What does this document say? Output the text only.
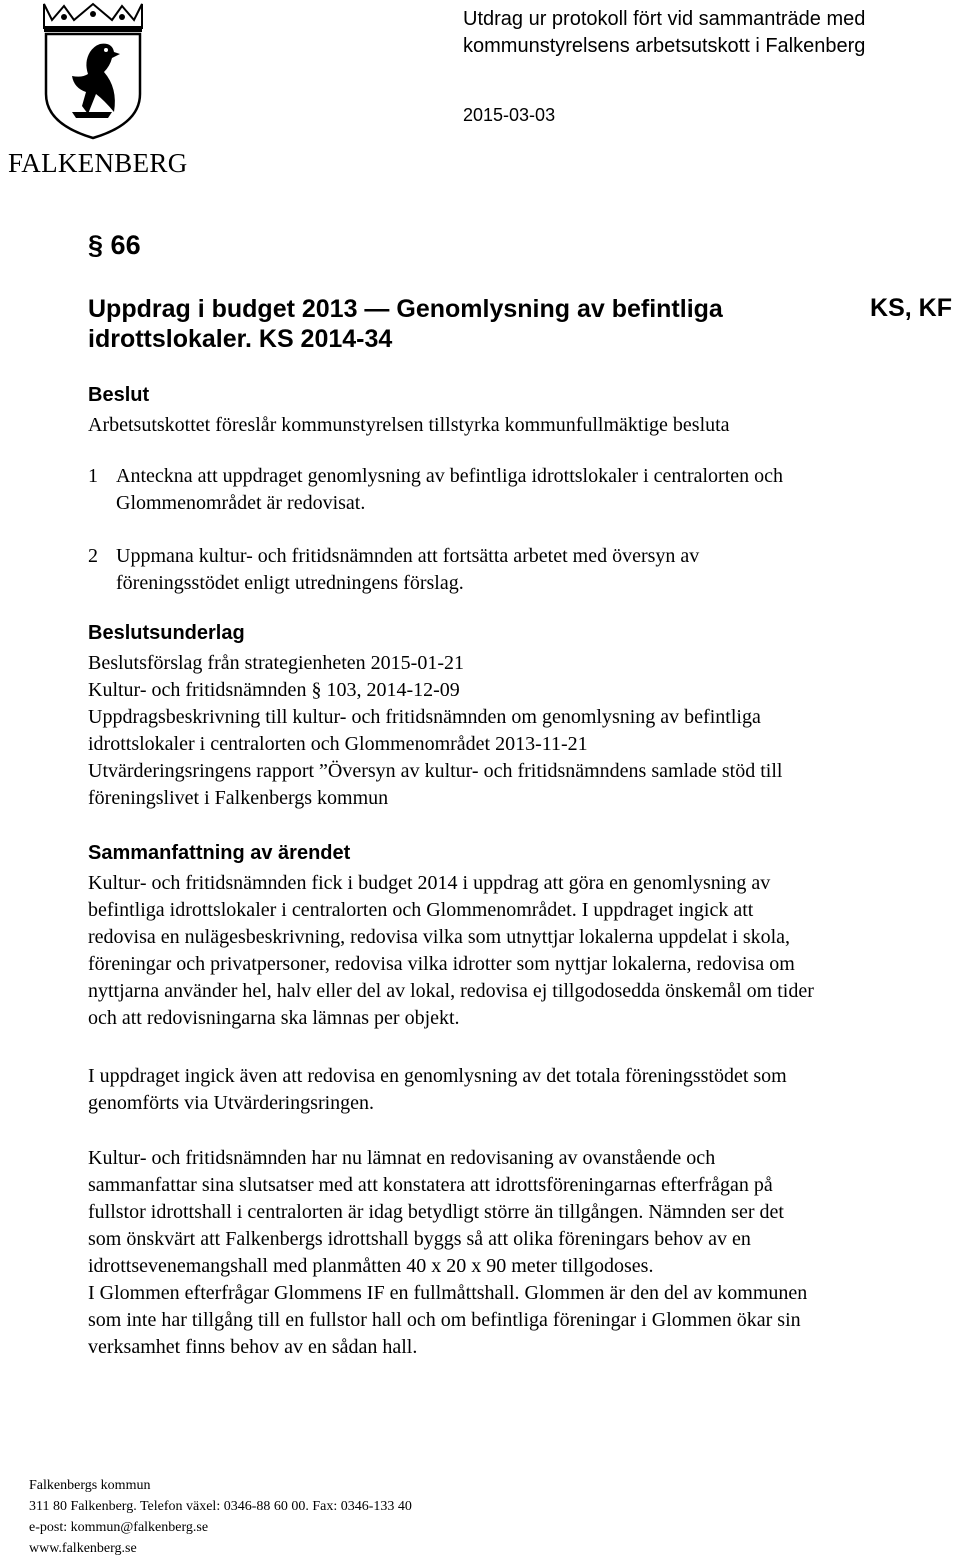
FALKENBERG
Utdrag ur protokoll fört vid sammanträde med
kommunstyrelsens arbetsutskott i Falkenberg
2015-03-03
§ 66
Uppdrag i budget 2013 — Genomlysning av befintliga
idrottslokaler. KS 2014-34
KS, KF
Beslut
Arbetsutskottet föreslår kommunstyrelsen tillstyrka kommunfullmäktige besluta
1 Anteckna att uppdraget genomlysning av befintliga idrottslokaler i centralorten och
Glommenområdet är redovisat.
2 Uppmana kultur- och fritidsnämnden att fortsätta arbetet med översyn av
föreningsstödet enligt utredningens förslag.
Beslutsunderlag
Beslutsförslag från strategienheten 2015-01-21
Kultur- och fritidsnämnden § 103, 2014-12-09
Uppdragsbeskrivning till kultur- och fritidsnämnden om genomlysning av befintliga
idrottslokaler i centralorten och Glommenområdet 2013-11-21
Utvärderingsringens rapport ”Översyn av kultur- och fritidsnämndens samlade stöd till
föreningslivet i Falkenbergs kommun
Sammanfattning av ärendet
Kultur- och fritidsnämnden fick i budget 2014 i uppdrag att göra en genomlysning av
befintliga idrottslokaler i centralorten och Glommenområdet. I uppdraget ingick att
redovisa en nulägesbeskrivning, redovisa vilka som utnyttjar lokalerna uppdelat i skola,
föreningar och privatpersoner, redovisa vilka idrotter som nyttjar lokalerna, redovisa om
nyttjarna använder hel, halv eller del av lokal, redovisa ej tillgodosedda önskemål om tider
och att redovisningarna ska lämnas per objekt.
I uppdraget ingick även att redovisa en genomlysning av det totala föreningsstödet som
genomförts via Utvärderingsringen.
Kultur- och fritidsnämnden har nu lämnat en redovisaning av ovanstående och
sammanfattar sina slutsatser med att konstatera att idrottsföreningarnas efterfrågan på
fullstor idrottshall i centralorten är idag betydligt större än tillgången. Nämnden ser det
som önskvärt att Falkenbergs idrottshall byggs så att olika föreningars behov av en
idrottsevenemangshall med planmåtten 40 x 20 x 90 meter tillgodoses.
I Glommen efterfrågar Glommens IF en fullmåttshall. Glommen är den del av kommunen
som inte har tillgång till en fullstor hall och om befintliga föreningar i Glommen ökar sin
verksamhet finns behov av en sådan hall.
Falkenbergs kommun
311 80 Falkenberg. Telefon växel: 0346-88 60 00. Fax: 0346-133 40
e-post: kommun@falkenberg.se
www.falkenberg.se
